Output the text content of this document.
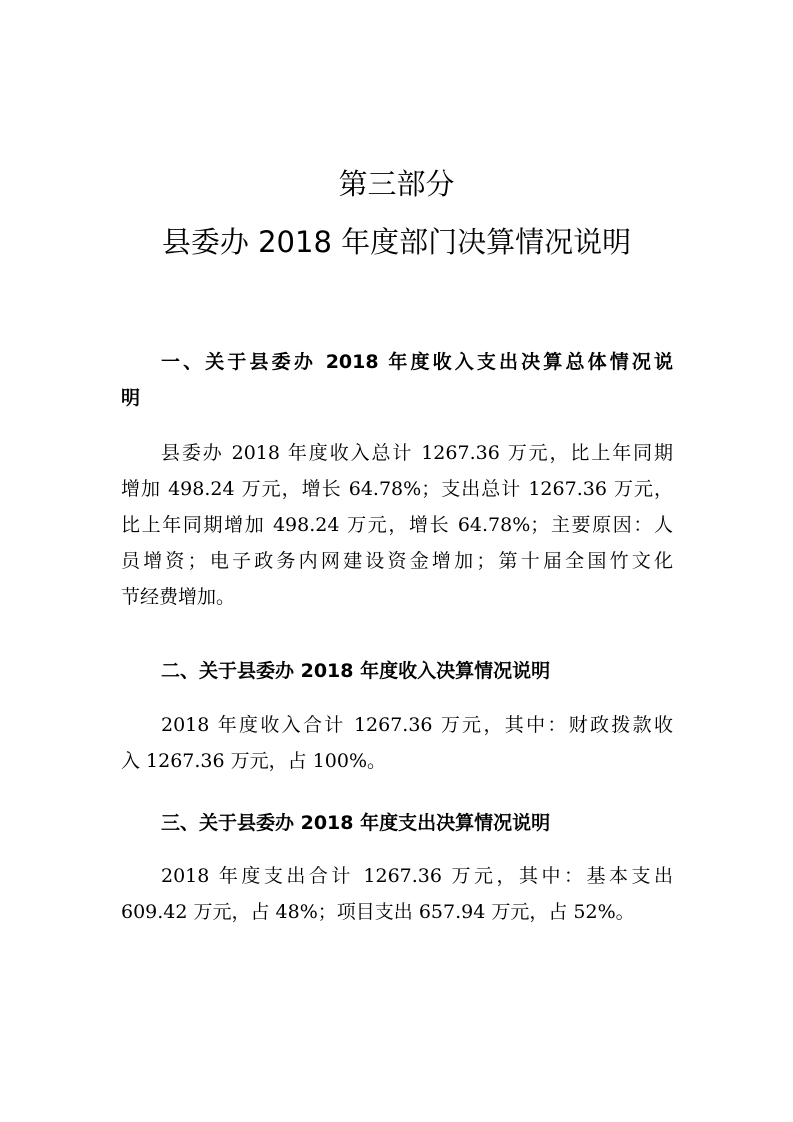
第三部分
县委办 2018 年度部门决算情况说明
一、关于县委办 2018 年度收入支出决算总体情况说
明
县委办 2018 年度收入总计 1267.36 万元，比上年同期
增加 498.24 万元，增长 64.78%；支出总计 1267.36 万元，
比上年同期增加 498.24 万元，增长 64.78%；主要原因：人
员增资；电子政务内网建设资金增加；第十届全国竹文化
节经费增加。
二、关于县委办 2018 年度收入决算情况说明
2018 年度收入合计 1267.36 万元，其中：财政拨款收
入 1267.36 万元，占 100%。
三、关于县委办 2018 年度支出决算情况说明
2018 年度支出合计 1267.36 万元，其中：基本支出
609.42 万元，占 48%；项目支出 657.94 万元，占 52%。
